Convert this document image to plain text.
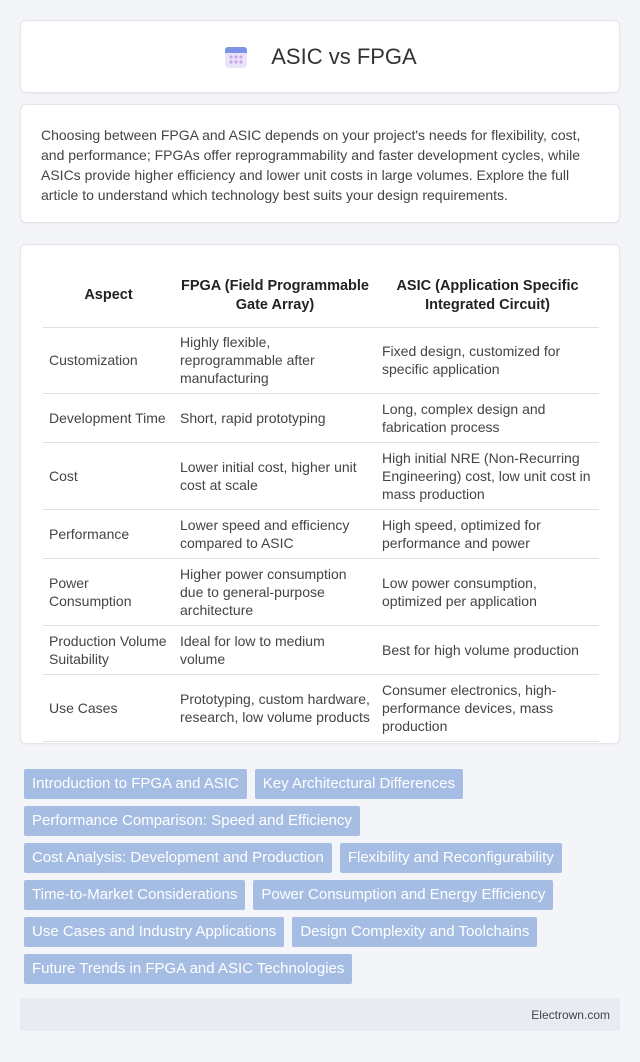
ASIC vs FPGA

Choosing between FPGA and ASIC depends on your project's needs for flexibility, cost, and performance; FPGAs offer reprogrammability and faster development cycles, while ASICs provide higher efficiency and lower unit costs in large volumes. Explore the full article to understand which technology best suits your design requirements.

Aspect	FPGA (Field Programmable Gate Array)	ASIC (Application Specific Integrated Circuit)
Customization	Highly flexible, reprogrammable after manufacturing	Fixed design, customized for specific application
Development Time	Short, rapid prototyping	Long, complex design and fabrication process
Cost	Lower initial cost, higher unit cost at scale	High initial NRE (Non-Recurring Engineering) cost, low unit cost in mass production
Performance	Lower speed and efficiency compared to ASIC	High speed, optimized for performance and power
Power Consumption	Higher power consumption due to general-purpose architecture	Low power consumption, optimized per application
Production Volume Suitability	Ideal for low to medium volume	Best for high volume production
Use Cases	Prototyping, custom hardware, research, low volume products	Consumer electronics, high-performance devices, mass production
Introduction to FPGA and ASIC	Key Architectural Differences
Performance Comparison: Speed and Efficiency
Cost Analysis: Development and Production	Flexibility and Reconfigurability
Time-to-Market Considerations	Power Consumption and Energy Efficiency
Use Cases and Industry Applications	Design Complexity and Toolchains
Future Trends in FPGA and ASIC Technologies
Electrown.com
